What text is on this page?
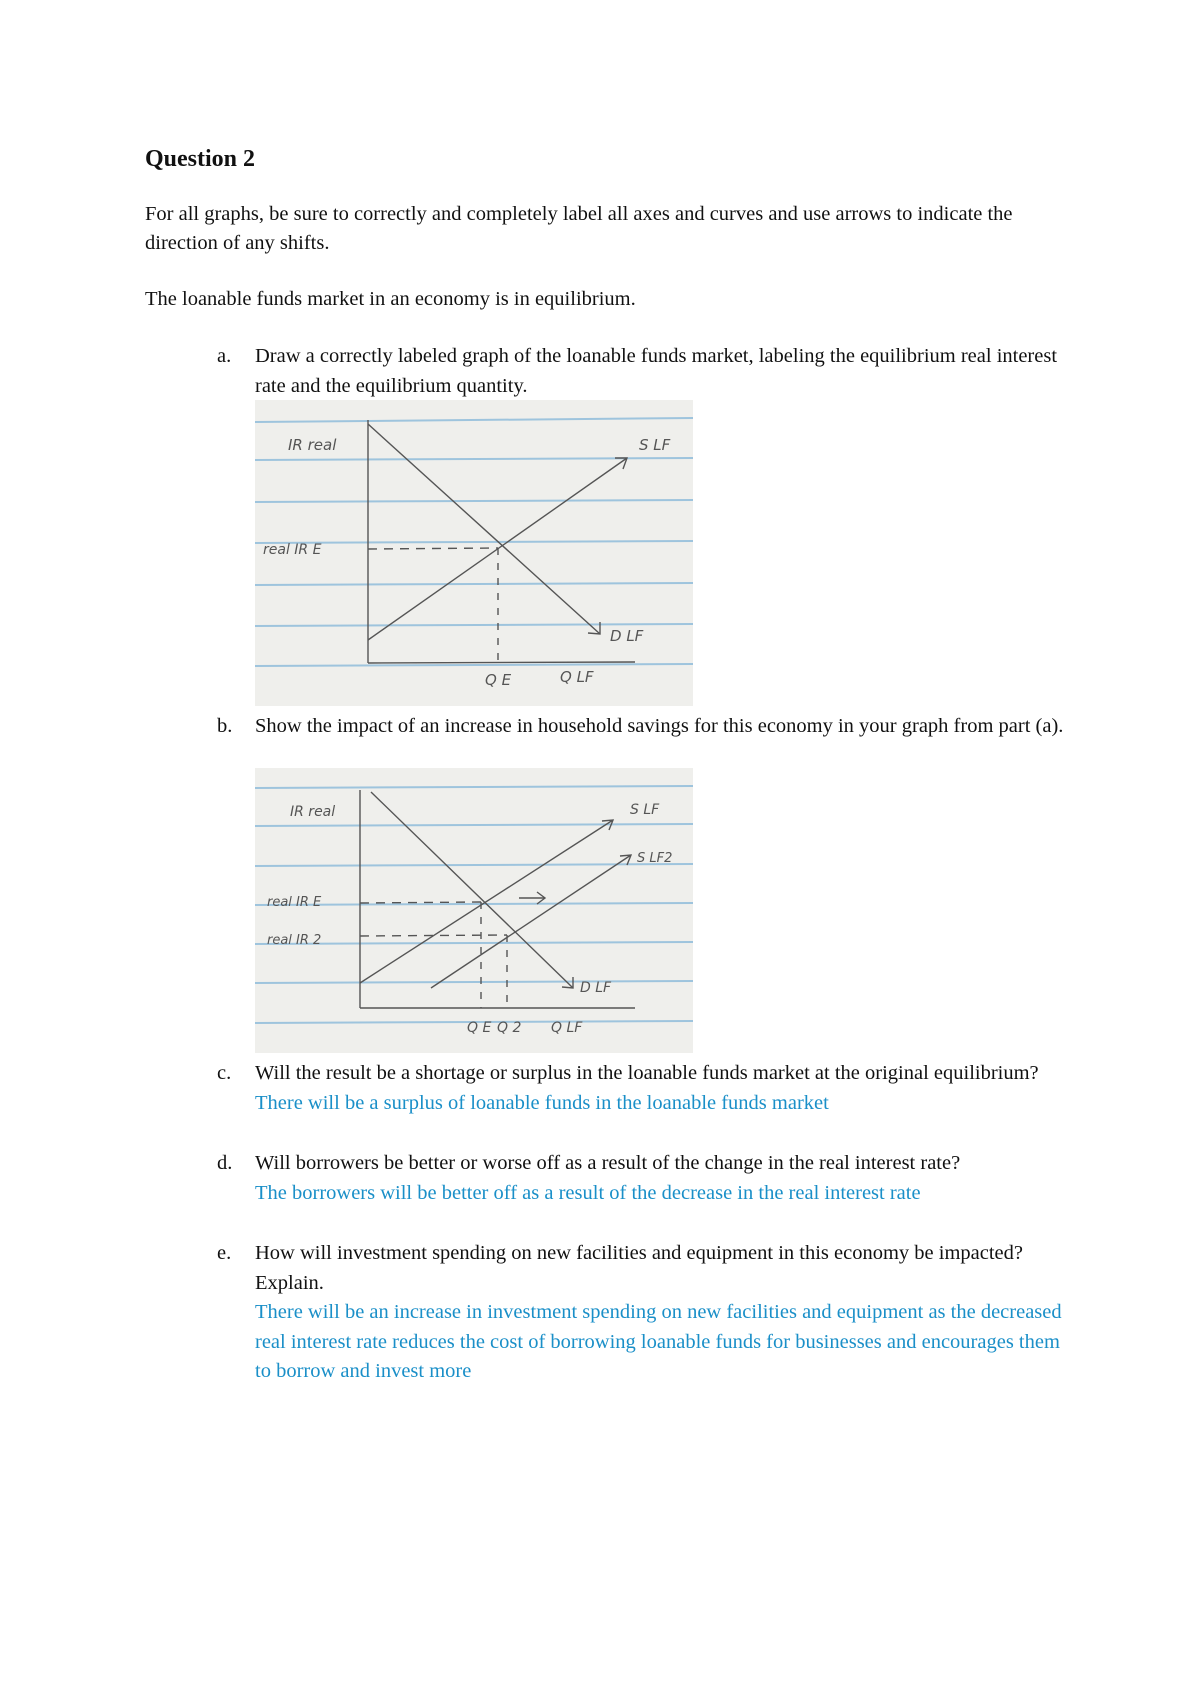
Question 2

For all graphs, be sure to correctly and completely label all axes and curves and use arrows to indicate the direction of any shifts.

The loanable funds market in an economy is in equilibrium.

a. Draw a correctly labeled graph of the loanable funds market, labeling the equilibrium real interest rate and the equilibrium quantity.
IR real	S LF
real IR E
D LF
Q E	Q LF
b. Show the impact of an increase in household savings for this economy in your graph from part (a).
IR real	S LF
S LF2
real IR E
real IR 2
D LF
Q E Q 2 Q LF
c. Will the result be a shortage or surplus in the loanable funds market at the original equilibrium?
There will be a surplus of loanable funds in the loanable funds market
d. Will borrowers be better or worse off as a result of the change in the real interest rate?
The borrowers will be better off as a result of the decrease in the real interest rate
e. How will investment spending on new facilities and equipment in this economy be impacted? Explain.
There will be an increase in investment spending on new facilities and equipment as the decreased real interest rate reduces the cost of borrowing loanable funds for businesses and encourages them to borrow and invest more
